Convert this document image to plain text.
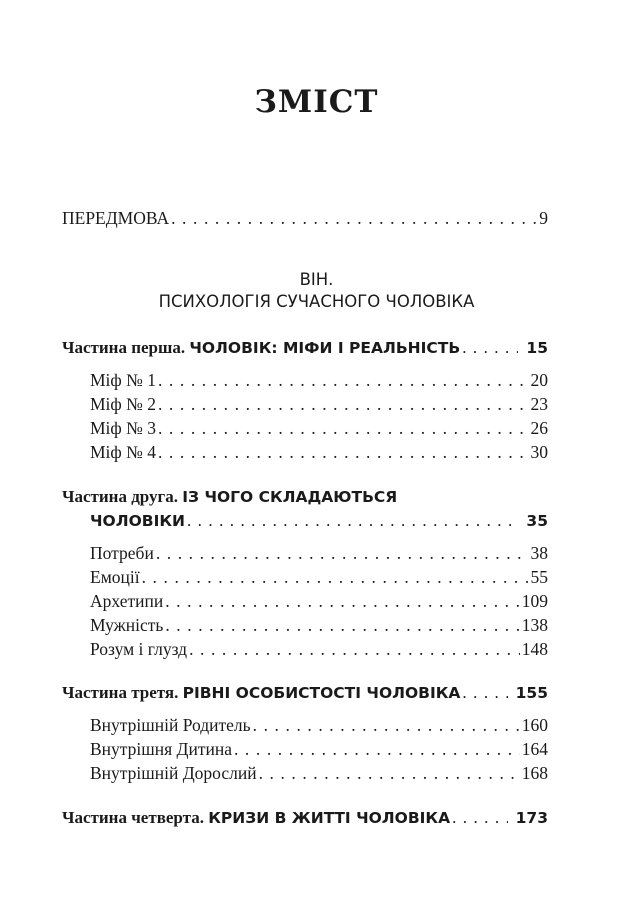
ЗМІСТ
ПЕРЕДМОВА . . .	9
ВІН.
ПСИХОЛОГІЯ СУЧАСНОГО ЧОЛОВІКА
Частина перша. ЧОЛОВІК: МІФИ І РЕАЛЬНІСТЬ . . .	15
Міф № 1 . . .	20
Міф № 2 . . .	23
Міф № 3 . . .	26
Міф № 4 . . .	30
Частина друга. ІЗ ЧОГО СКЛАДАЮТЬСЯ
ЧОЛОВІКИ . . .	35
Потреби . . .	38
Емоції . . .	55
Архетипи . . .	109
Мужність . . .	138
Розум і глузд . . .	148
Частина третя. РІВНІ ОСОБИСТОСТІ ЧОЛОВІКА . . .	155
Внутрішній Родитель . . .	160
Внутрішня Дитина . . .	164
Внутрішній Дорослий . . .	168
Частина четверта. КРИЗИ В ЖИТТІ ЧОЛОВІКА . . .	173
